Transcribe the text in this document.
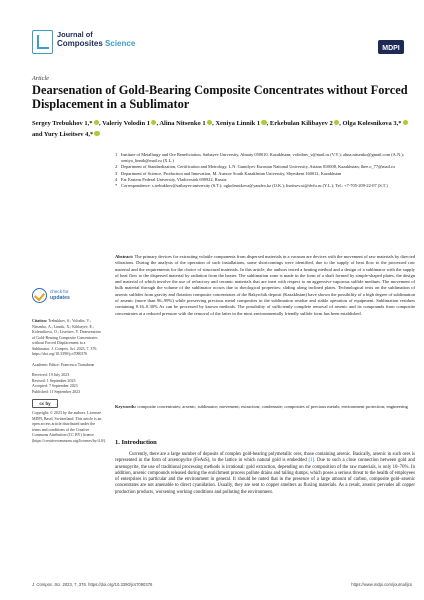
Journal of
Composites Science
MDPI
Article
Dearsenation of Gold-Bearing Composite Concentrates without Forced Displacement in a Sublimator
Sergey Trebukhov 1,* , Valeriy Volodin 1 , Alina Nitsenko 1 , Xeniya Linnik 1 , Erkebulan Kilibayev 2 , Olga Kolesnikova 3,* and Yury Liseitsev 4,*
1 Institute of Metallurgy and Ore Beneficiation, Satbayev University, Almaty 050010, Kazakhstan; volodinv_v@mail.ru (V.V.); alina.nitsenko@gmail.com (A.N.); xeniya_linnik@mail.ru (X.L.)
2 Department of Standardization, Certification and Metrology, L.N. Gumilyov Eurasian National University, Astana 010008, Kazakhstan; lkee.o_77@mail.ru
3 Department of Science, Production and Innovation, M. Auezov South Kazakhstan University, Shymkent 160012, Kazakhstan
4 Far Eastern Federal University, Vladivostok 690922, Russia
* Correspondence: s.trebukhov@satbayev.university (S.T.); ogkolesnikova@yandex.kz (O.K.); liseitsev.ui@dvfu.ru (Y.L.); Tel.: +7-705-209-22-07 (S.T.)
Abstract: The primary devices for extracting volatile components from dispersed materials in a vacuum are devices with the movement of raw materials by directed vibrations. During the analysis of the operation of such installations, some shortcomings were identified, due to the supply of heat flow to the processed raw material and the requirements for the choice of structural materials. In this article, the authors tested a heating method and a design of a sublimator with the supply of heat flow to the dispersed material by radiation from the heater. The sublimation zone is made in the form of a shaft formed by simple-shaped plates, the design and material of which involve the use of refractory and ceramic materials that are inert with respect to an aggressive vaporous sulfide medium. The movement of bulk material through the volume of the sublimator occurs due to rheological properties: sliding along inclined plates. Technological tests on the sublimation of arsenic sulfides from gravity and flotation composite concentrates of the Bakyrchik deposit (Kazakhstan) have shown the possibility of a high degree of sublimation of arsenic (more than 96–99%) while preserving precious metal composites in the sublimation residue and stable operation of equipment. Sublimation residues containing 0.16–0.30% As can be processed by known methods. The possibility of sufficiently complete removal of arsenic and its compounds from composite concentrates at a reduced pressure with the removal of the latter in the most environmentally friendly sulfide form has been established.
Keywords: composite concentrates; arsenic; sublimator; movement; extraction; condensate; composites of precious metals; environment protection; engineering
check for
updates
Citation: Trebukhov, S.; Volodin, V.; Nitsenko, A.; Linnik, X.; Kilibayev, E.; Kolesnikova, O.; Liseitsev, Y. Dearsenation of Gold-Bearing Composite Concentrates without Forced Displacement in a Sublimator. J. Compos. Sci. 2023, 7, 376. https://doi.org/10.3390/jcs7090376
Academic Editor: Francesco Tornabene
Received: 19 July 2023
Revised: 1 September 2023
Accepted: 7 September 2023
Published: 11 September 2023
cc by
Copyright: © 2023 by the authors. Licensee MDPI, Basel, Switzerland. This article is an open access article distributed under the terms and conditions of the Creative Commons Attribution (CC BY) license (https://creativecommons.org/licenses/by/4.0/). 1. Introduction
Currently, there are a large number of deposits of complex gold-bearing polymetallic ores, those containing arsenic. Basically, arsenic in such ores is represented in the form of arsenopyrite (FeAsS), in the lattice in which natural gold is embedded [1]. Due to such a close connection between gold and arsenopyrite, the use of traditional processing methods is irrational: gold extraction, depending on the composition of the raw materials, is only 10–70%. In addition, arsenic compounds released during the enrichment process pollute drains and tailing dumps, which poses a serious threat to the health of employees of enterprises in particular and the environment in general. It should be noted that in the presence of a large amount of carbon, composite gold–arsenic concentrates are not amenable to direct cyanidation. Usually, they are sent to copper smelters as fluxing materials. As a result, arsenic pervades all copper production products, worsening working conditions and polluting the environment.
J. Compos. Sci. 2023, 7, 376. https://doi.org/10.3390/jcs7090376	https://www.mdpi.com/journal/jcs
